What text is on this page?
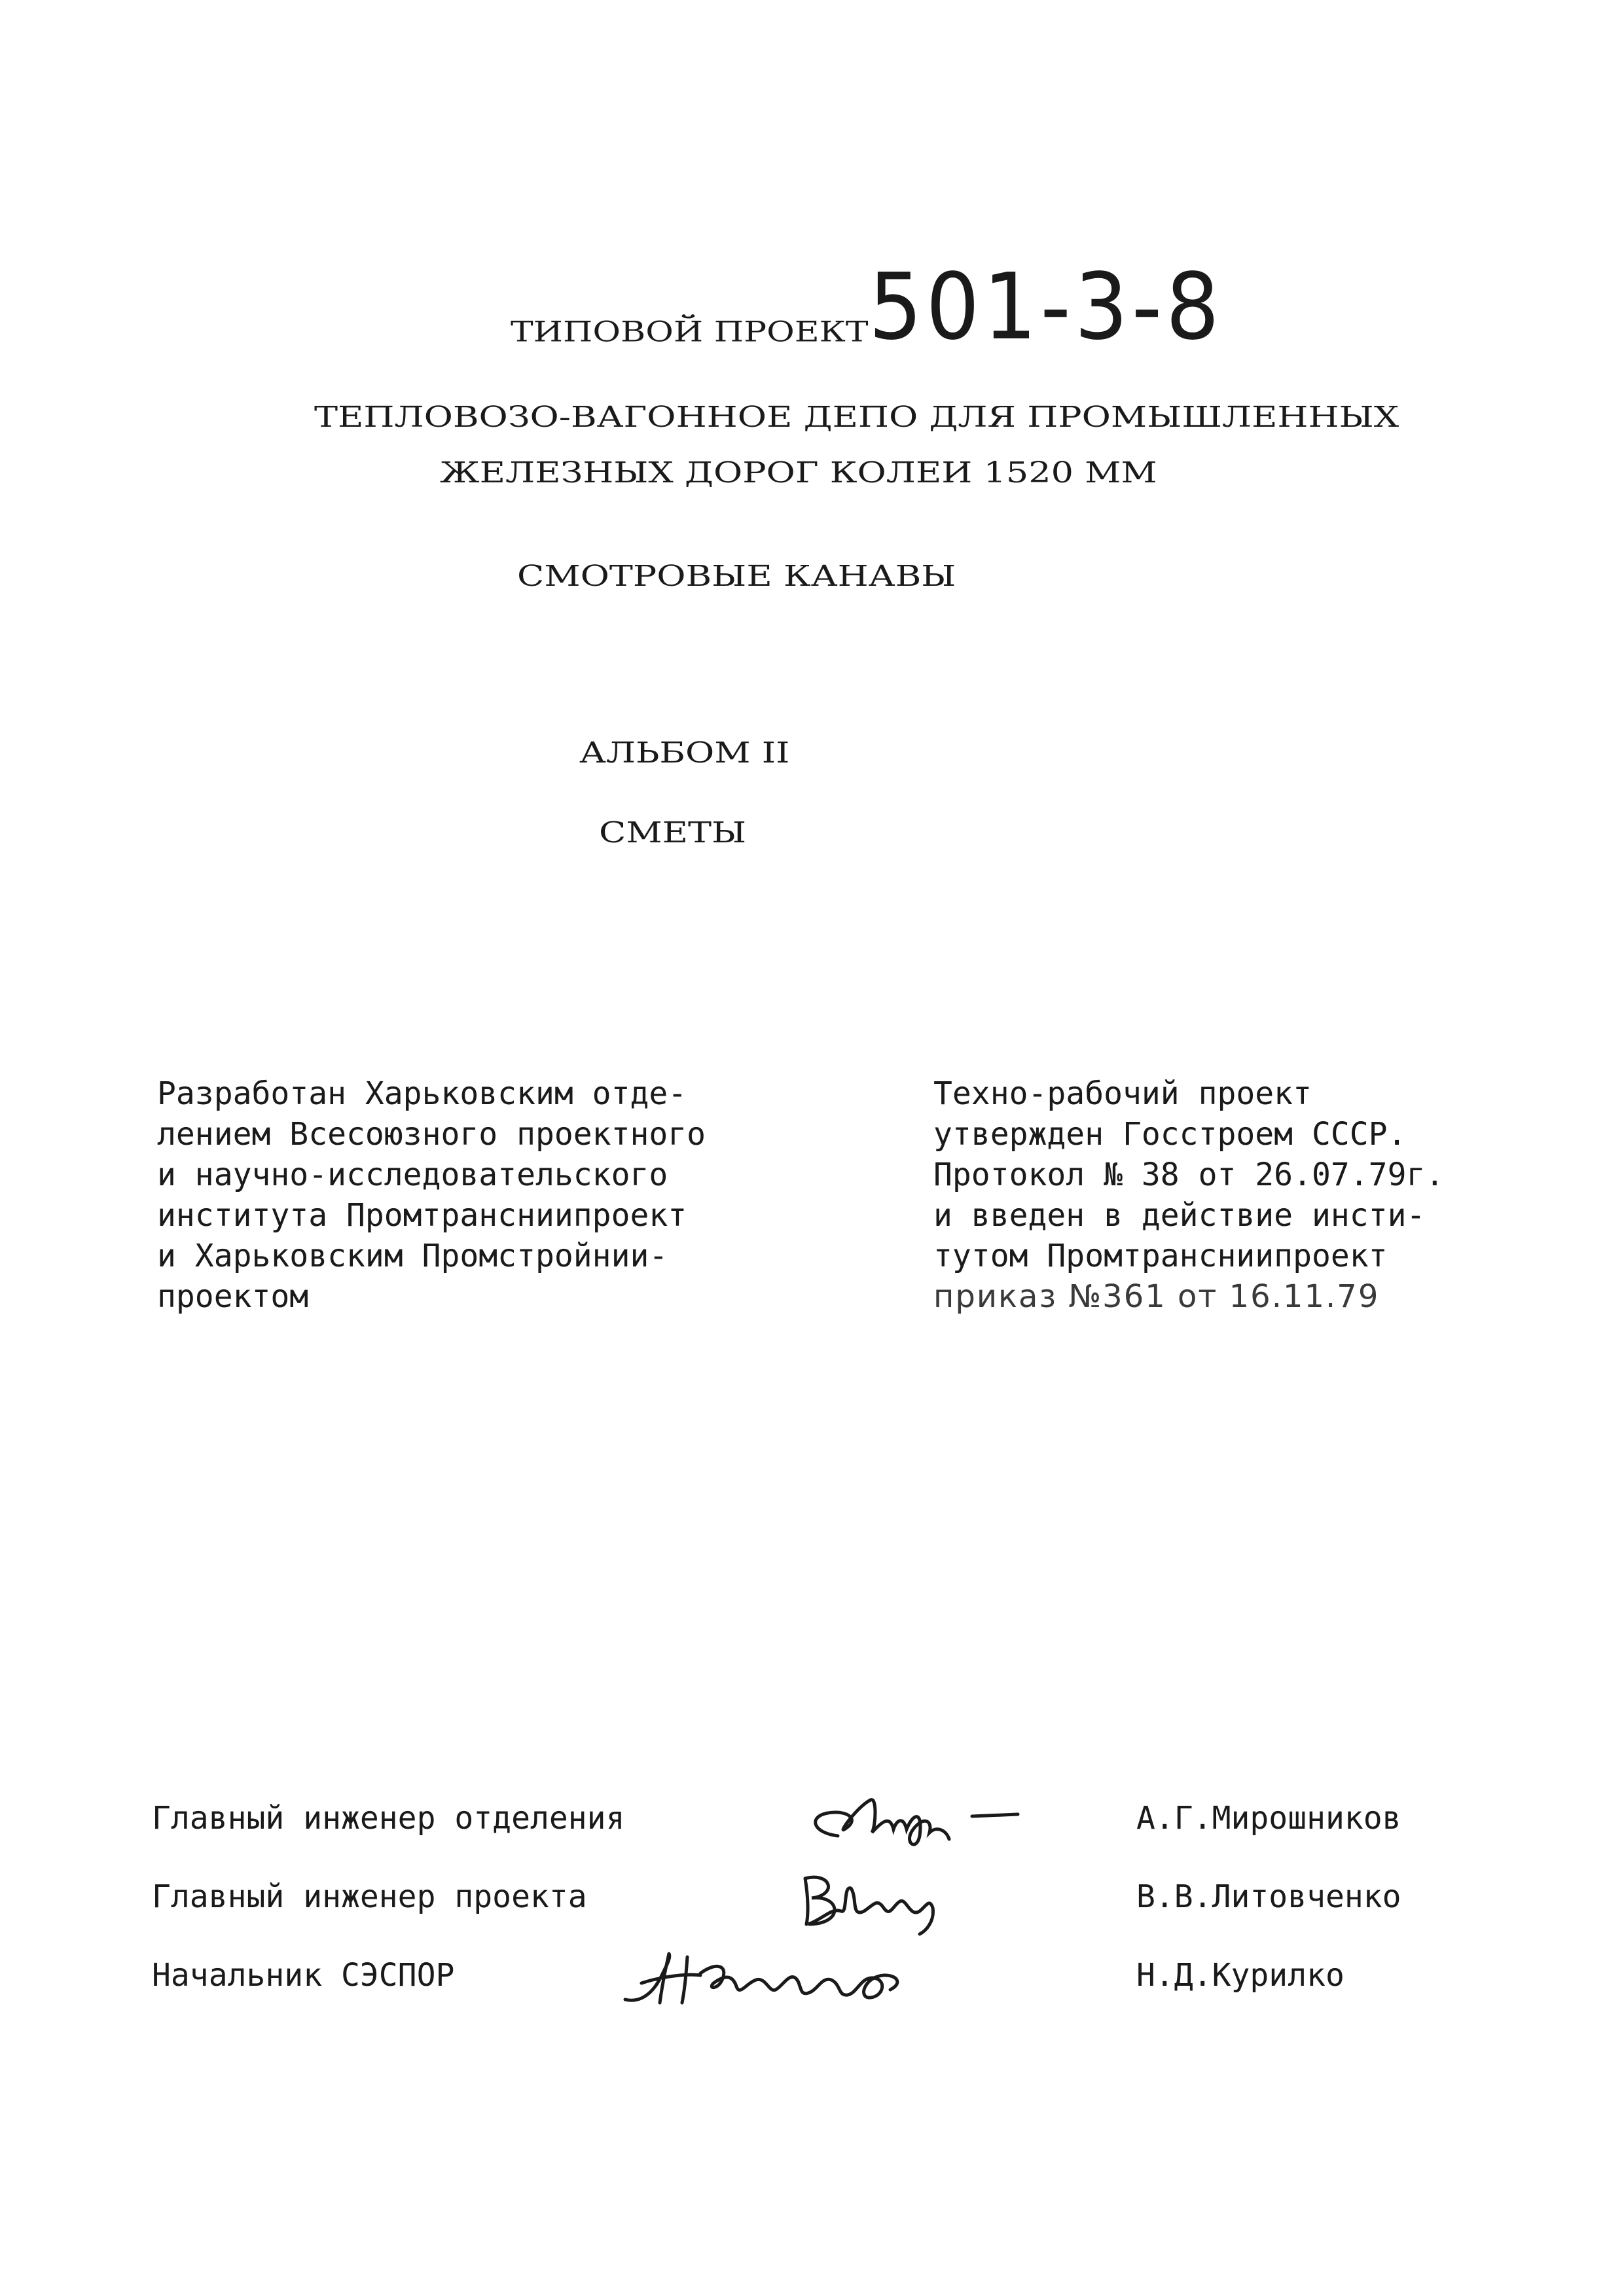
ТИПОВОЙ ПРОЕКТ 501-3-8
ТЕПЛОВОЗО-ВАГОННОЕ ДЕПО ДЛЯ ПРОМЫШЛЕННЫХ
ЖЕЛЕЗНЫХ ДОРОГ КОЛЕИ 1520 ММ
СМОТРОВЫЕ КАНАВЫ
АЛЬБОМ II
СМЕТЫ
Разработан Харьковским отде-
лением Всесоюзного проектного
и научно-исследовательского
института Промтрансниипроект
и Харьковским Промстройнии-
проектом
Техно-рабочий проект
утвержден Госстроем СССР.
Протокол № 38 от 26.07.79г.
и введен в действие инсти-
тутом Промтрансниипроект
приказ №361 от 16.11.79
Главный инженер отделения	А.Г.Мирошников
Главный инженер проекта	В.В.Литовченко
Начальник СЭСПОР	Н.Д.Курилко
